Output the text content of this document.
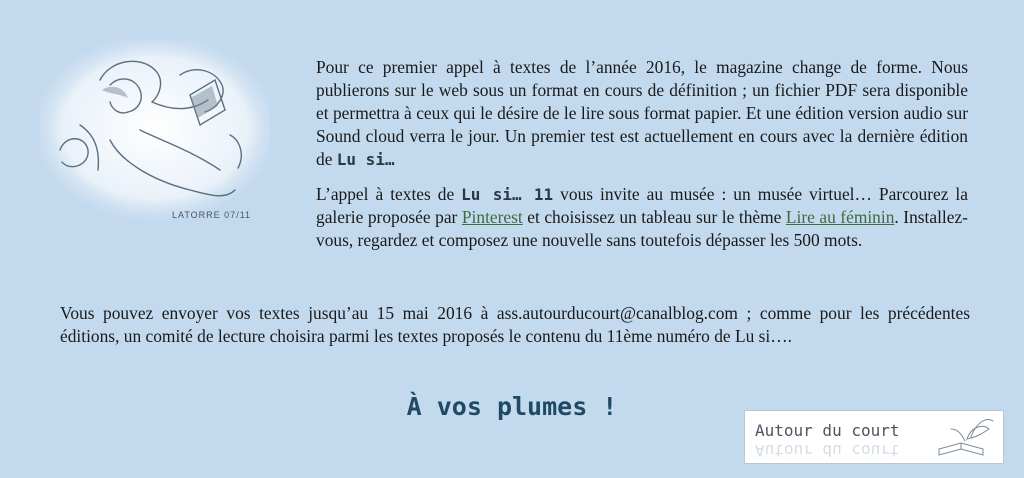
LATORRE 07/11

Pour ce premier appel à textes de l’année 2016, le magazine change de forme. Nous publierons sur le web sous un format en cours de définition ; un fichier PDF sera disponible et permettra à ceux qui le désire de le lire sous format papier. Et une édition version audio sur Sound cloud verra le jour. Un premier test est actuellement en cours avec la dernière édition de Lu si…

L’appel à textes de Lu si… 11 vous invite au musée : un musée virtuel… Parcourez la galerie proposée par Pinterest et choisissez un tableau sur le thème Lire au féminin. Installez-vous, regardez et composez une nouvelle sans toutefois dépasser les 500 mots.

Vous pouvez envoyer vos textes jusqu’au 15 mai 2016 à ass.autourducourt@canalblog.com ; comme pour les précédentes éditions, un comité de lecture choisira parmi les textes proposés le contenu du 11ème numéro de Lu si….

À vos plumes !
Autour du court
Autour du court
